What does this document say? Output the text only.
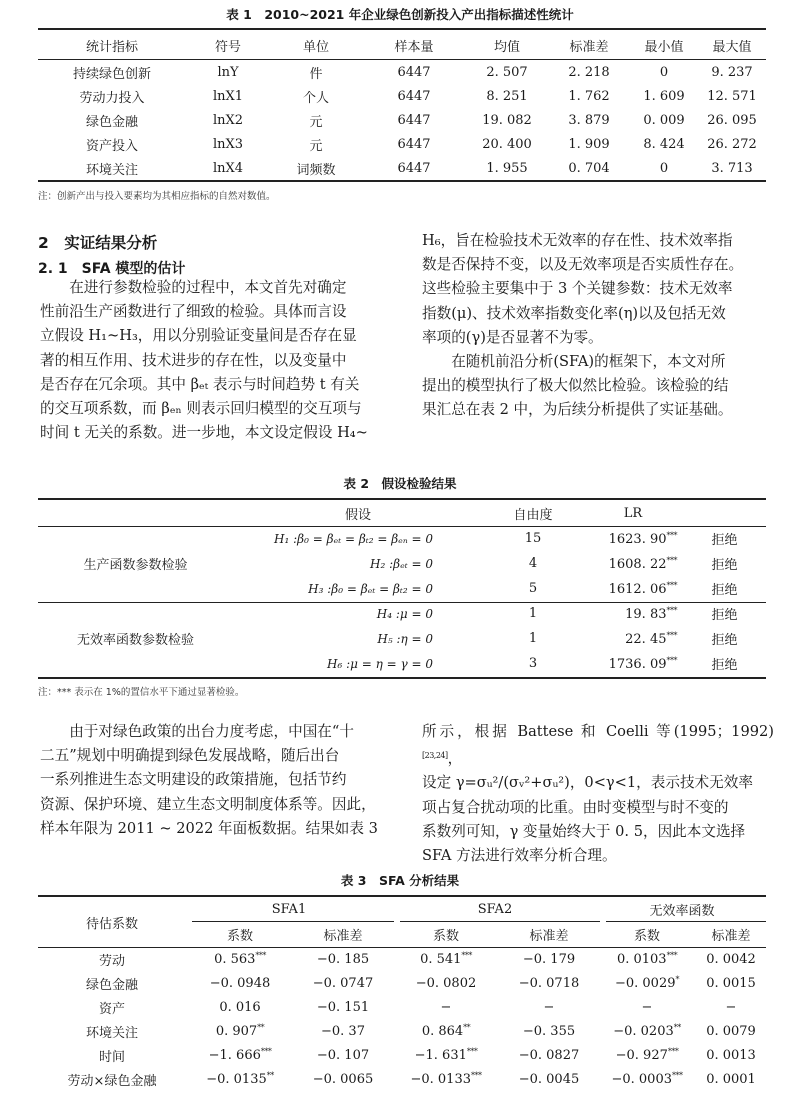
表 1　2010~2021 年企业绿色创新投入产出指标描述性统计
统计指标	符号	单位	样本量	均值	标准差	最小值	最大值
持续绿色创新	lnY	件	6447	2. 507	2. 218	0	9. 237
劳动力投入	lnX1	个人	6447	8. 251	1. 762	1. 609	12. 571
绿色金融	lnX2	元	6447	19. 082	3. 879	0. 009	26. 095
资产投入	lnX3	元	6447	20. 400	1. 909	8. 424	26. 272
环境关注	lnX4	词频数	6447	1. 955	0. 704	0	3. 713
注：创新产出与投入要素均为其相应指标的自然对数值。
2　实证结果分析
2. 1　SFA 模型的估计
在进行参数检验的过程中，本文首先对确定
性前沿生产函数进行了细致的检验。具体而言设
立假设 H₁~H₃，用以分别验证变量间是否存在显
著的相互作用、技术进步的存在性，以及变量中
是否存在冗余项。其中 βₑₜ 表示与时间趋势 t 有关
的交互项系数，而 βₑₙ 则表示回归模型的交互项与
时间 t 无关的系数。进一步地，本文设定假设 H₄~
H₆，旨在检验技术无效率的存在性、技术效率指
数是否保持不变，以及无效率项是否实质性存在。
这些检验主要集中于 3 个关键参数：技术无效率
指数(μ)、技术效率指数变化率(η)以及包括无效
率项的(γ)是否显著不为零。
在随机前沿分析(SFA)的框架下，本文对所
提出的模型执行了极大似然比检验。该检验的结
果汇总在表 2 中，为后续分析提供了实证基础。
表 2　假设检验结果
	假设	自由度	LR	
生产函数参数检验	H₁ :β₀ = βₑₜ = βₜ₂ = βₑₙ = 0	15	1623. 90***	拒绝
	H₂ :βₑₜ = 0	4	1608. 22***	拒绝
	H₃ :β₀ = βₑₜ = βₜ₂ = 0	5	1612. 06***	拒绝
无效率函数参数检验	H₄ :μ = 0	1	19. 83***	拒绝
	H₅ :η = 0	1	22. 45***	拒绝
	H₆ :μ = η = γ = 0	3	1736. 09***	拒绝
注：*** 表示在 1%的置信水平下通过显著检验。
由于对绿色政策的出台力度考虑，中国在“十
二五”规划中明确提到绿色发展战略，随后出台
一系列推进生态文明建设的政策措施，包括节约
资源、保护环境、建立生态文明制度体系等。因此，
样本年限为 2011 ~ 2022 年面板数据。结果如表 3
所示，根据 Battese 和 Coelli 等(1995；1992)[23,24]，
设定 γ=σᵤ²/(σᵥ²+σᵤ²)，0<γ<1，表示技术无效率
项占复合扰动项的比重。由时变模型与时不变的
系数列可知，γ 变量始终大于 0. 5，因此本文选择
SFA 方法进行效率分析合理。
表 3　SFA 分析结果
待估系数	SFA1		SFA2		无效率函数	
	系数	标准差	系数	标准差	系数	标准差
劳动	0. 563***	−0. 185	0. 541***	−0. 179	0. 0103***	0. 0042
绿色金融	−0. 0948	−0. 0747	−0. 0802	−0. 0718	−0. 0029*	0. 0015
资产	0. 016	−0. 151	−	−	−	−
环境关注	0. 907**	−0. 37	0. 864**	−0. 355	−0. 0203**	0. 0079
时间	−1. 666***	−0. 107	−1. 631***	−0. 0827	−0. 927***	0. 0013
劳动×绿色金融	−0. 0135**	−0. 0065	−0. 0133***	−0. 0045	−0. 0003***	0. 0001
